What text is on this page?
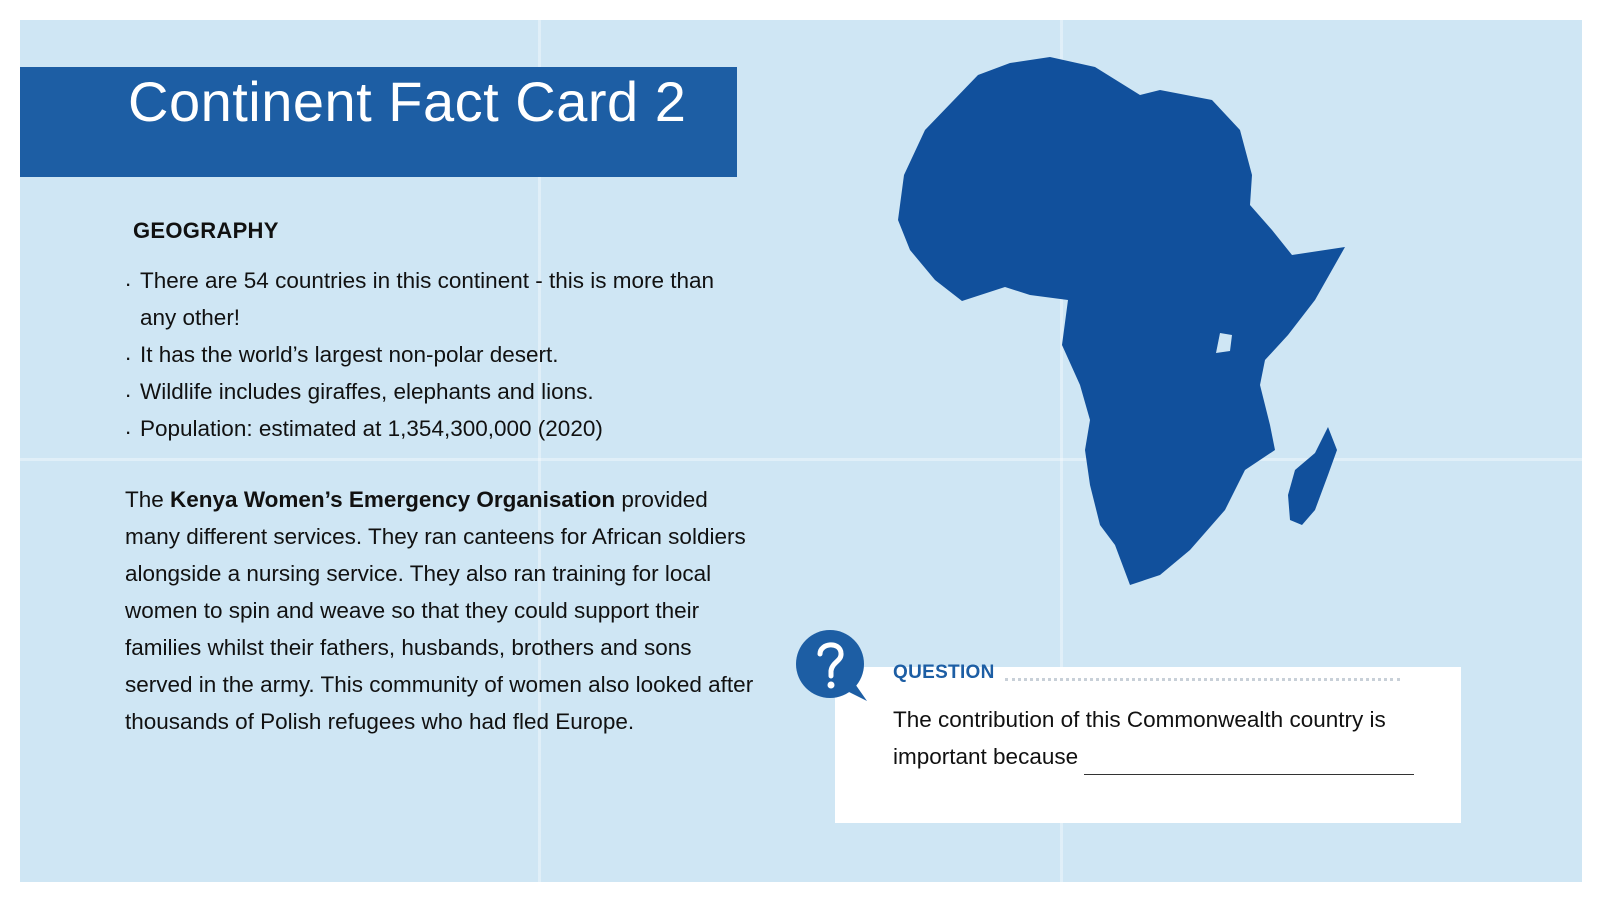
Continent Fact Card 2
GEOGRAPHY
. There are 54 countries in this continent - this is more than any other!
. It has the world’s largest non-polar desert.
. Wildlife includes giraffes, elephants and lions.
. Population: estimated at 1,354,300,000 (2020)

The Kenya Women’s Emergency Organisation provided many different services. They ran canteens for African soldiers alongside a nursing service. They also ran training for local women to spin and weave so that they could support their families whilst their fathers, husbands, brothers and sons served in the army. This community of women also looked after thousands of Polish refugees who had fled Europe.

QUESTION
The contribution of this Commonwealth country is important because
